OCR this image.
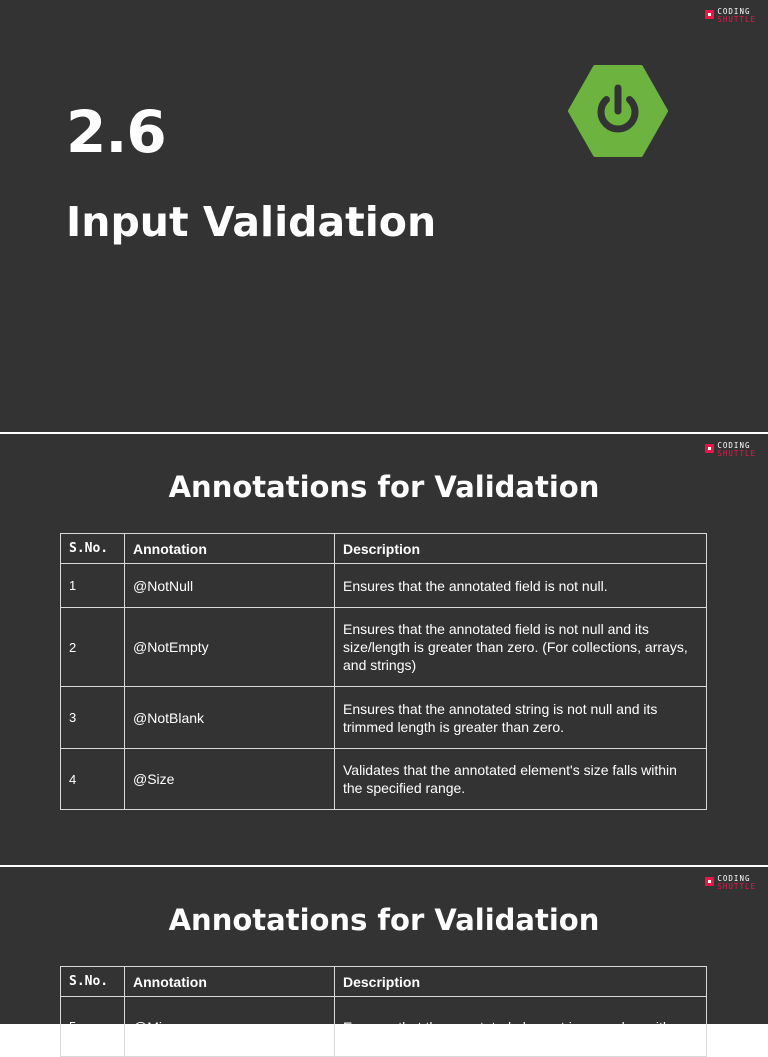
CODING
SHUTTLE
2.6
Input Validation
CODING
SHUTTLE
Annotations for Validation
S.No.	Annotation	Description
1	@NotNull	Ensures that the annotated field is not null.
2	@NotEmpty	Ensures that the annotated field is not null and its size/length is greater than zero. (For collections, arrays, and strings)
3	@NotBlank	Ensures that the annotated string is not null and its trimmed length is greater than zero.
4	@Size	Validates that the annotated element's size falls within the specified range.
CODING
SHUTTLE
Annotations for Validation
S.No.	Annotation	Description
5	@Min	Ensures that the annotated element is a number with
